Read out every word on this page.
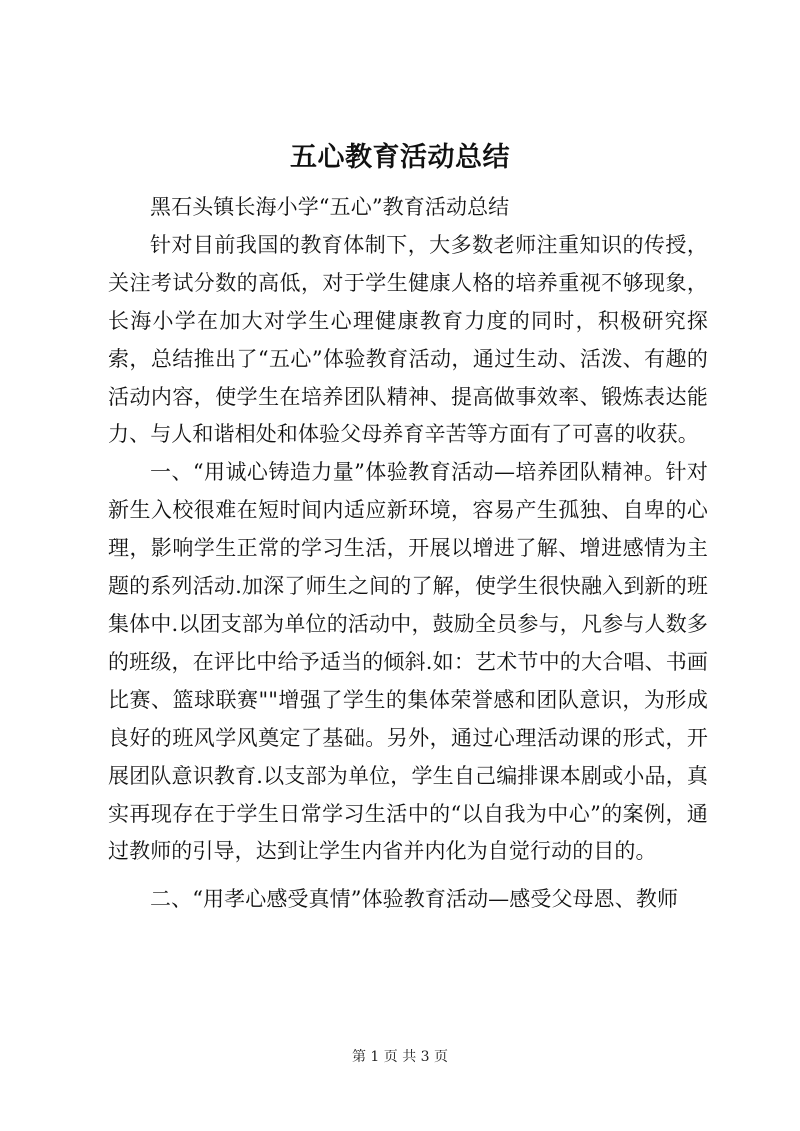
五心教育活动总结

黑石头镇长海小学“五心”教育活动总结

针对目前我国的教育体制下，大多数老师注重知识的传授，关注考试分数的高低，对于学生健康人格的培养重视不够现象，长海小学在加大对学生心理健康教育力度的同时，积极研究探索，总结推出了“五心”体验教育活动，通过生动、活泼、有趣的活动内容，使学生在培养团队精神、提高做事效率、锻炼表达能力、与人和谐相处和体验父母养育辛苦等方面有了可喜的收获。

一、“用诚心铸造力量”体验教育活动—培养团队精神。针对新生入校很难在短时间内适应新环境，容易产生孤独、自卑的心理，影响学生正常的学习生活，开展以增进了解、增进感情为主题的系列活动.加深了师生之间的了解，使学生很快融入到新的班集体中.以团支部为单位的活动中，鼓励全员参与，凡参与人数多的班级，在评比中给予适当的倾斜.如：艺术节中的大合唱、书画比赛、篮球联赛""增强了学生的集体荣誉感和团队意识，为形成良好的班风学风奠定了基础。另外，通过心理活动课的形式，开展团队意识教育.以支部为单位，学生自己编排课本剧或小品，真实再现存在于学生日常学习生活中的“以自我为中心”的案例，通过教师的引导，达到让学生内省并内化为自觉行动的目的。

二、“用孝心感受真情”体验教育活动—感受父母恩、教师

第 1 页 共 3 页
